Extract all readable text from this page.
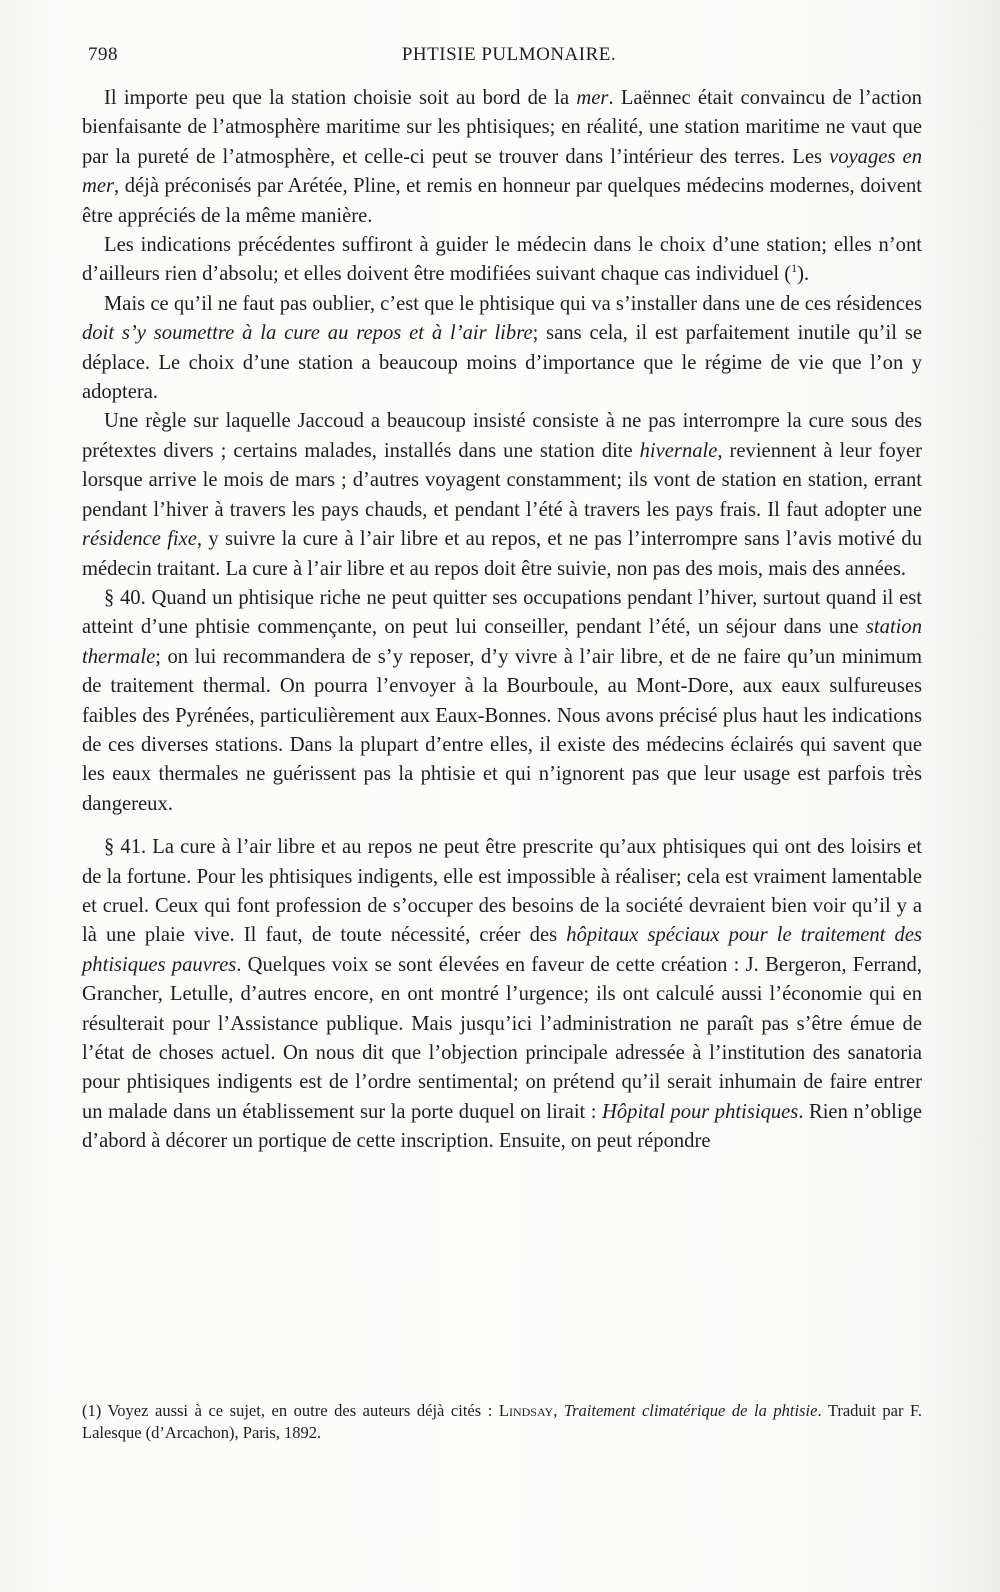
798	PHTISIE PULMONAIRE.

Il importe peu que la station choisie soit au bord de la mer. Laënnec était convaincu de l’action bienfaisante de l’atmosphère maritime sur les phtisiques; en réalité, une station maritime ne vaut que par la pureté de l’atmosphère, et celle-ci peut se trouver dans l’intérieur des terres. Les voyages en mer, déjà préconisés par Arétée, Pline, et remis en honneur par quelques médecins modernes, doivent être appréciés de la même manière.

Les indications précédentes suffiront à guider le médecin dans le choix d’une station; elles n’ont d’ailleurs rien d’absolu; et elles doivent être modifiées suivant chaque cas individuel ($^1$).

Mais ce qu’il ne faut pas oublier, c’est que le phtisique qui va s’installer dans une de ces résidences doit s’y soumettre à la cure au repos et à l’air libre; sans cela, il est parfaitement inutile qu’il se déplace. Le choix d’une station a beaucoup moins d’importance que le régime de vie que l’on y adoptera.

Une règle sur laquelle Jaccoud a beaucoup insisté consiste à ne pas interrompre la cure sous des prétextes divers ; certains malades, installés dans une station dite hivernale, reviennent à leur foyer lorsque arrive le mois de mars ; d’autres voyagent constamment; ils vont de station en station, errant pendant l’hiver à travers les pays chauds, et pendant l’été à travers les pays frais. Il faut adopter une résidence fixe, y suivre la cure à l’air libre et au repos, et ne pas l’interrompre sans l’avis motivé du médecin traitant. La cure à l’air libre et au repos doit être suivie, non pas des mois, mais des années.

§ 40. Quand un phtisique riche ne peut quitter ses occupations pendant l’hiver, surtout quand il est atteint d’une phtisie commençante, on peut lui conseiller, pendant l’été, un séjour dans une station thermale; on lui recommandera de s’y reposer, d’y vivre à l’air libre, et de ne faire qu’un minimum de traitement thermal. On pourra l’envoyer à la Bourboule, au Mont-Dore, aux eaux sulfureuses faibles des Pyrénées, particulièrement aux Eaux-Bonnes. Nous avons précisé plus haut les indications de ces diverses stations. Dans la plupart d’entre elles, il existe des médecins éclairés qui savent que les eaux thermales ne guérissent pas la phtisie et qui n’ignorent pas que leur usage est parfois très dangereux.

§ 41. La cure à l’air libre et au repos ne peut être prescrite qu’aux phtisiques qui ont des loisirs et de la fortune. Pour les phtisiques indigents, elle est impossible à réaliser; cela est vraiment lamentable et cruel. Ceux qui font profession de s’occuper des besoins de la société devraient bien voir qu’il y a là une plaie vive. Il faut, de toute nécessité, créer des hôpitaux spéciaux pour le traitement des phtisiques pauvres. Quelques voix se sont élevées en faveur de cette création : J. Bergeron, Ferrand, Grancher, Letulle, d’autres encore, en ont montré l’urgence; ils ont calculé aussi l’économie qui en résulterait pour l’Assistance publique. Mais jusqu’ici l’administration ne paraît pas s’être émue de l’état de choses actuel. On nous dit que l’objection principale adressée à l’institution des sanatoria pour phtisiques indigents est de l’ordre sentimental; on prétend qu’il serait inhumain de faire entrer un malade dans un établissement sur la porte duquel on lirait : Hôpital pour phtisiques. Rien n’oblige d’abord à décorer un portique de cette inscription. Ensuite, on peut répondre

(1) Voyez aussi à ce sujet, en outre des auteurs déjà cités : Lindsay, Traitement climatérique de la phtisie. Traduit par F. Lalesque (d’Arcachon), Paris, 1892.
